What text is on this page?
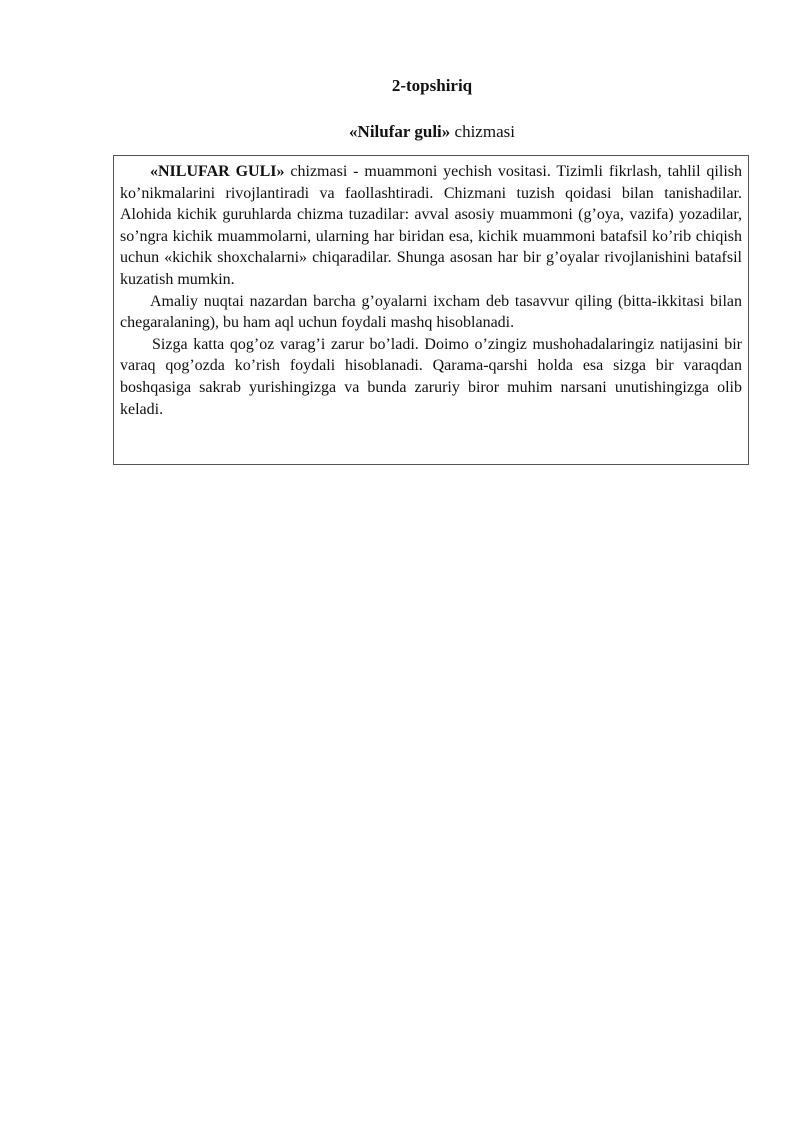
2-topshiriq
«Nilufar guli» chizmasi

«NILUFAR GULI» chizmasi - muammoni yechish vositasi. Tizimli fikrlash, tahlil qilish ko’nikmalarini rivojlantiradi va faollashtiradi. Chizmani tuzish qoidasi bilan tanishadilar. Alohida kichik guruhlarda chizma tuzadilar: avval asosiy muammoni (g’oya, vazifa) yozadilar, so’ngra kichik muammolarni, ularning har biridan esa, kichik muammoni batafsil ko’rib chiqish uchun «kichik shoxchalarni» chiqaradilar. Shunga asosan har bir g’oyalar rivojlanishini batafsil kuzatish mumkin.

Amaliy nuqtai nazardan barcha g’oyalarni ixcham deb tasavvur qiling (bitta-ikkitasi bilan chegaralaning), bu ham aql uchun foydali mashq hisoblanadi.

Sizga katta qog’oz varag’i zarur bo’ladi. Doimo o’zingiz mushohadalaringiz natijasini bir varaq qog’ozda ko’rish foydali hisoblanadi. Qarama-qarshi holda esa sizga bir varaqdan boshqasiga sakrab yurishingizga va bunda zaruriy biror muhim narsani unutishingizga olib keladi.
